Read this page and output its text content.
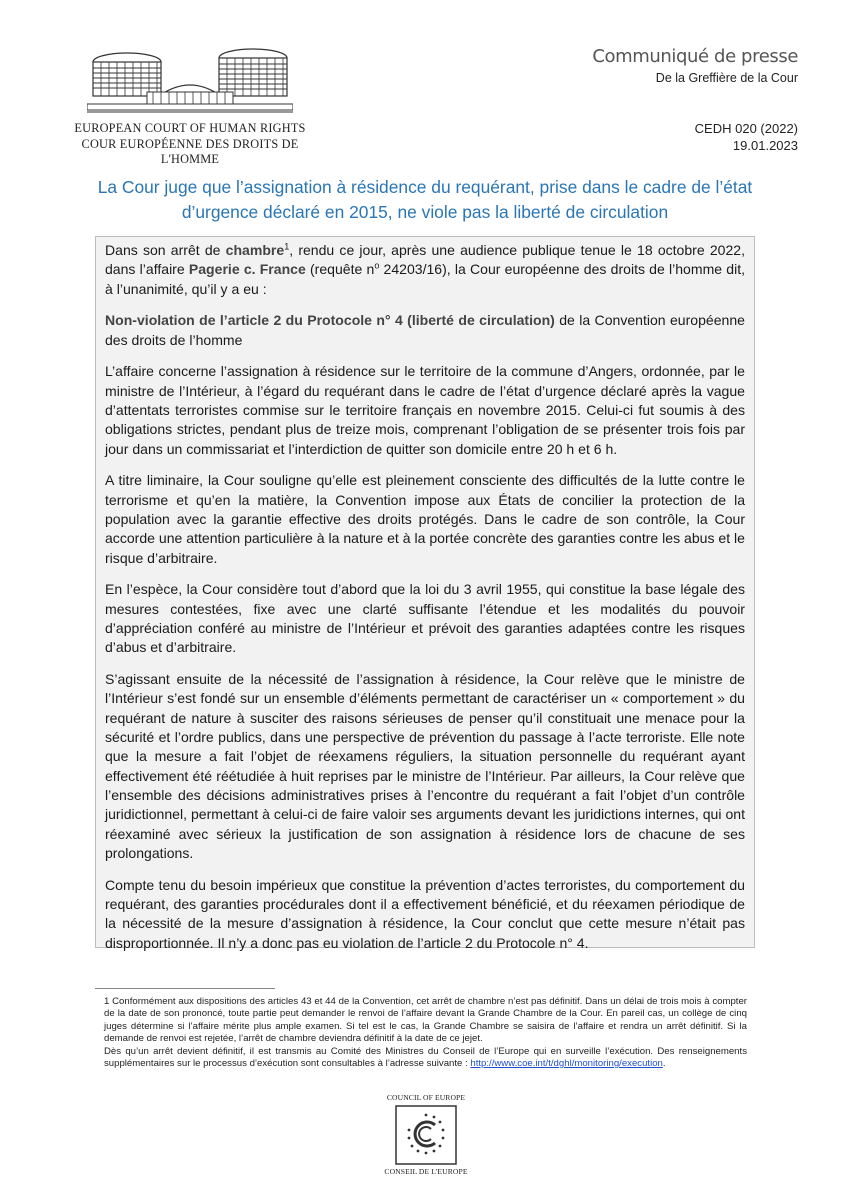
EUROPEAN COURT OF HUMAN RIGHTS
COUR EUROPÉENNE DES DROITS DE L'HOMME
Communiqué de presse
De la Greffière de la Cour
CEDH 020 (2022)
19.01.2023
La Cour juge que l’assignation à résidence du requérant, prise dans le cadre de l’état d’urgence déclaré en 2015, ne viole pas la liberté de circulation

Dans son arrêt de chambre$^1$, rendu ce jour, après une audience publique tenue le 18 octobre 2022, dans l’affaire Pagerie c. France (requête $n^o$ 24203/16), la Cour européenne des droits de l’homme dit, à l’unanimité, qu’il y a eu :

Non-violation de l’article 2 du Protocole n° 4 (liberté de circulation) de la Convention européenne des droits de l’homme

L’affaire concerne l’assignation à résidence sur le territoire de la commune d’Angers, ordonnée, par le ministre de l’Intérieur, à l’égard du requérant dans le cadre de l’état d’urgence déclaré après la vague d’attentats terroristes commise sur le territoire français en novembre 2015. Celui-ci fut soumis à des obligations strictes, pendant plus de treize mois, comprenant l’obligation de se présenter trois fois par jour dans un commissariat et l’interdiction de quitter son domicile entre 20 h et 6 h.

A titre liminaire, la Cour souligne qu’elle est pleinement consciente des difficultés de la lutte contre le terrorisme et qu’en la matière, la Convention impose aux États de concilier la protection de la population avec la garantie effective des droits protégés. Dans le cadre de son contrôle, la Cour accorde une attention particulière à la nature et à la portée concrète des garanties contre les abus et le risque d’arbitraire.

En l’espèce, la Cour considère tout d’abord que la loi du 3 avril 1955, qui constitue la base légale des mesures contestées, fixe avec une clarté suffisante l’étendue et les modalités du pouvoir d’appréciation conféré au ministre de l’Intérieur et prévoit des garanties adaptées contre les risques d’abus et d’arbitraire.

S’agissant ensuite de la nécessité de l’assignation à résidence, la Cour relève que le ministre de l’Intérieur s’est fondé sur un ensemble d’éléments permettant de caractériser un « comportement » du requérant de nature à susciter des raisons sérieuses de penser qu’il constituait une menace pour la sécurité et l’ordre publics, dans une perspective de prévention du passage à l’acte terroriste. Elle note que la mesure a fait l’objet de réexamens réguliers, la situation personnelle du requérant ayant effectivement été réétudiée à huit reprises par le ministre de l’Intérieur. Par ailleurs, la Cour relève que l’ensemble des décisions administratives prises à l’encontre du requérant a fait l’objet d’un contrôle juridictionnel, permettant à celui-ci de faire valoir ses arguments devant les juridictions internes, qui ont réexaminé avec sérieux la justification de son assignation à résidence lors de chacune de ses prolongations.

Compte tenu du besoin impérieux que constitue la prévention d’actes terroristes, du comportement du requérant, des garanties procédurales dont il a effectivement bénéficié, et du réexamen périodique de la nécessité de la mesure d’assignation à résidence, la Cour conclut que cette mesure n’était pas disproportionnée. Il n’y a donc pas eu violation de l’article 2 du Protocole n° 4.

1 Conformément aux dispositions des articles 43 et 44 de la Convention, cet arrêt de chambre n’est pas définitif. Dans un délai de trois mois à compter de la date de son prononcé, toute partie peut demander le renvoi de l’affaire devant la Grande Chambre de la Cour. En pareil cas, un collège de cinq juges détermine si l’affaire mérite plus ample examen. Si tel est le cas, la Grande Chambre se saisira de l’affaire et rendra un arrêt définitif. Si la demande de renvoi est rejetée, l’arrêt de chambre deviendra définitif à la date de ce jejet.

Dès qu’un arrêt devient définitif, il est transmis au Comité des Ministres du Conseil de l’Europe qui en surveille l’exécution. Des renseignements supplémentaires sur le processus d’exécution sont consultables à l’adresse suivante : http://www.coe.int/t/dghl/monitoring/execution.

COUNCIL OF EUROPE
CONSEIL DE L'EUROPE
